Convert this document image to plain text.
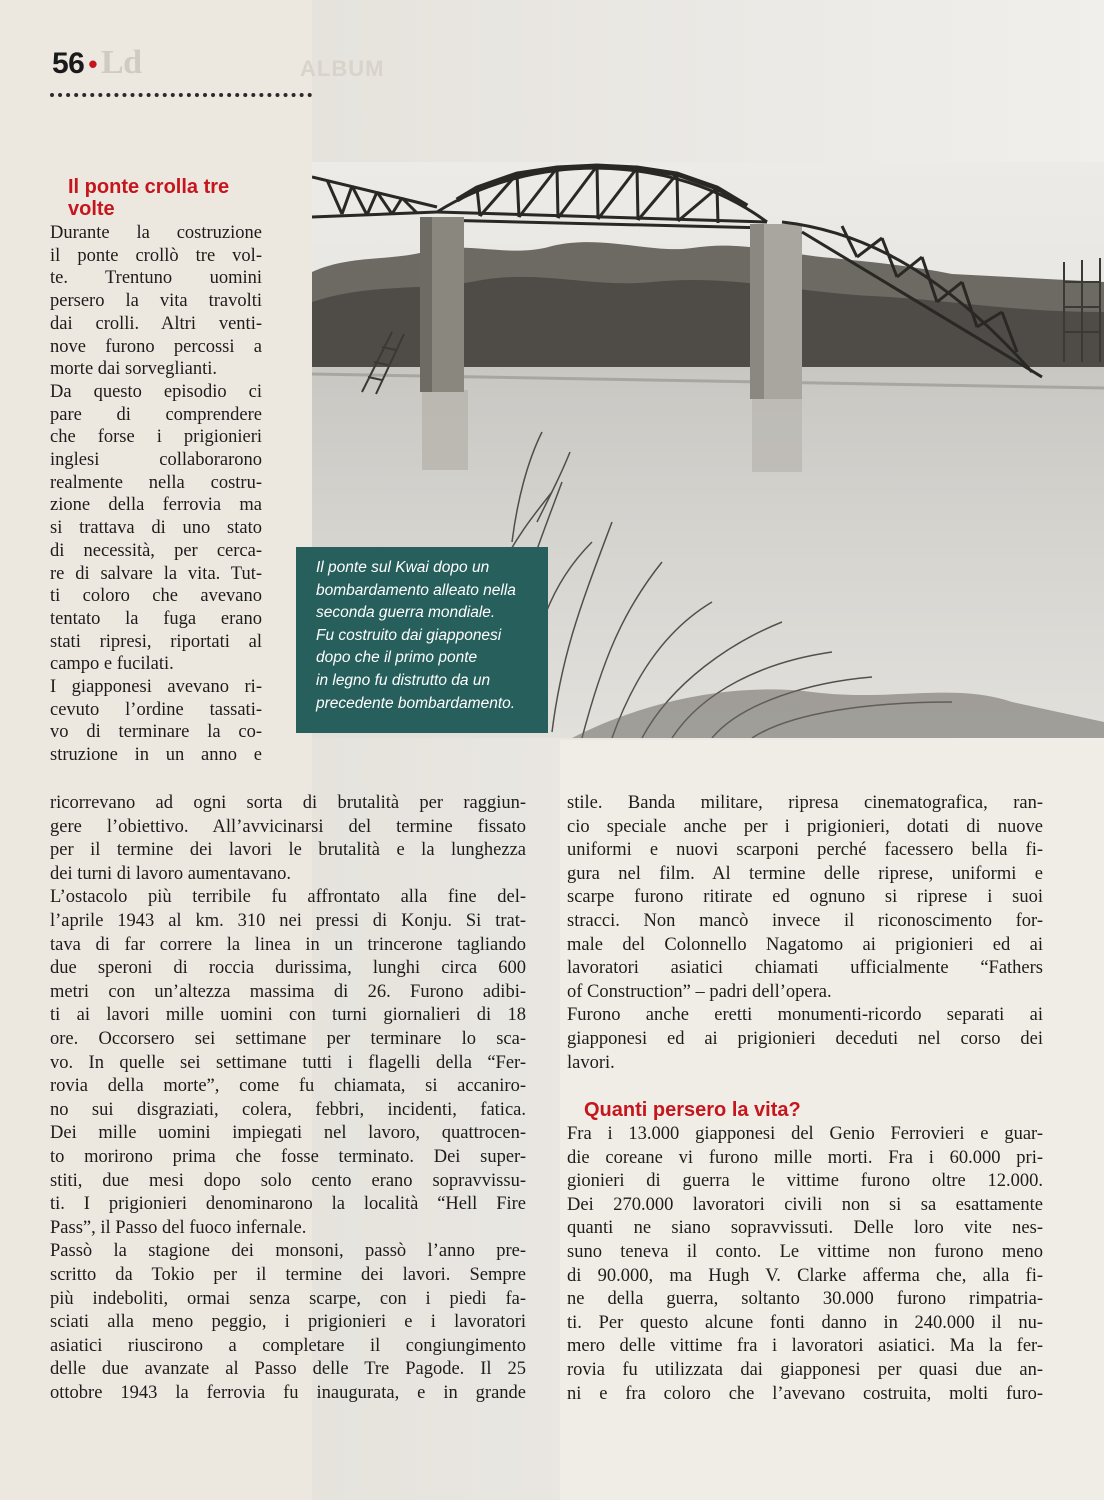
56 • Ld	ALBUM
Il ponte sul Kwai dopo un
bombardamento alleato nella
seconda guerra mondiale.
Fu costruito dai giapponesi
dopo che il primo ponte
in legno fu distrutto da un
precedente bombardamento.
Il ponte crolla tre
volte
Durante la costruzione
il ponte crollò tre vol-
te. Trentuno uomini
persero la vita travolti
dai crolli. Altri venti-
nove furono percossi a
morte dai sorveglianti.
Da questo episodio ci
pare di comprendere
che forse i prigionieri
inglesi collaborarono
realmente nella costru-
zione della ferrovia ma
si trattava di uno stato
di necessità, per cerca-
re di salvare la vita. Tut-
ti coloro che avevano
tentato la fuga erano
stati ripresi, riportati al
campo e fucilati.
I giapponesi avevano ri-
cevuto l’ordine tassati-
vo di terminare la co-
struzione in un anno e
ricorrevano ad ogni sorta di brutalità per raggiun-
gere l’obiettivo. All’avvicinarsi del termine fissato
per il termine dei lavori le brutalità e la lunghezza
dei turni di lavoro aumentavano.
L’ostacolo più terribile fu affrontato alla fine del-
l’aprile 1943 al km. 310 nei pressi di Konju. Si trat-
tava di far correre la linea in un trincerone tagliando
due speroni di roccia durissima, lunghi circa 600
metri con un’altezza massima di 26. Furono adibi-
ti ai lavori mille uomini con turni giornalieri di 18
ore. Occorsero sei settimane per terminare lo sca-
vo. In quelle sei settimane tutti i flagelli della “Fer-
rovia della morte”, come fu chiamata, si accaniro-
no sui disgraziati, colera, febbri, incidenti, fatica.
Dei mille uomini impiegati nel lavoro, quattrocen-
to morirono prima che fosse terminato. Dei super-
stiti, due mesi dopo solo cento erano sopravvissu-
ti. I prigionieri denominarono la località “Hell Fire
Pass”, il Passo del fuoco infernale.
Passò la stagione dei monsoni, passò l’anno pre-
scritto da Tokio per il termine dei lavori. Sempre
più indeboliti, ormai senza scarpe, con i piedi fa-
sciati alla meno peggio, i prigionieri e i lavoratori
asiatici riuscirono a completare il congiungimento
delle due avanzate al Passo delle Tre Pagode. Il 25
ottobre 1943 la ferrovia fu inaugurata, e in grande
stile. Banda militare, ripresa cinematografica, ran-
cio speciale anche per i prigionieri, dotati di nuove
uniformi e nuovi scarponi perché facessero bella fi-
gura nel film. Al termine delle riprese, uniformi e
scarpe furono ritirate ed ognuno si riprese i suoi
stracci. Non mancò invece il riconoscimento for-
male del Colonnello Nagatomo ai prigionieri ed ai
lavoratori asiatici chiamati ufficialmente “Fathers
of Construction” – padri dell’opera.
Furono anche eretti monumenti-ricordo separati ai
giapponesi ed ai prigionieri deceduti nel corso dei
lavori.
Quanti persero la vita?
Fra i 13.000 giapponesi del Genio Ferrovieri e guar-
die coreane vi furono mille morti. Fra i 60.000 pri-
gionieri di guerra le vittime furono oltre 12.000.
Dei 270.000 lavoratori civili non si sa esattamente
quanti ne siano sopravvissuti. Delle loro vite nes-
suno teneva il conto. Le vittime non furono meno
di 90.000, ma Hugh V. Clarke afferma che, alla fi-
ne della guerra, soltanto 30.000 furono rimpatria-
ti. Per questo alcune fonti danno in 240.000 il nu-
mero delle vittime fra i lavoratori asiatici. Ma la fer-
rovia fu utilizzata dai giapponesi per quasi due an-
ni e fra coloro che l’avevano costruita, molti furo-
